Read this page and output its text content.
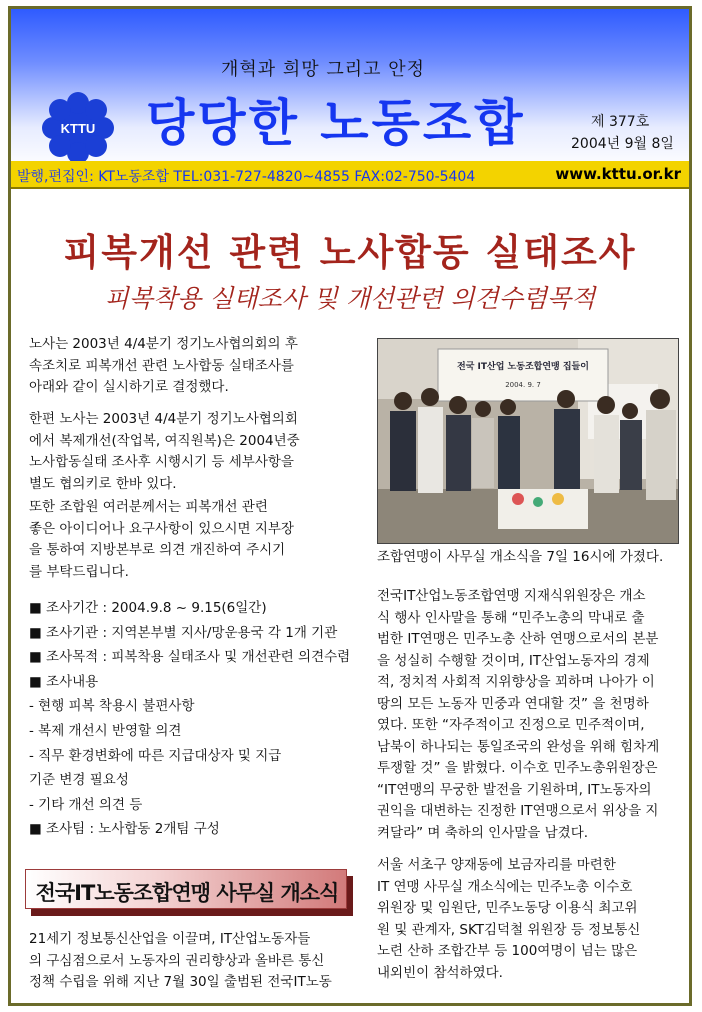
개혁과 희망 그리고 안정
KTTU 당당한 노동조합	제 377호
2004년 9월 8일
발행,편집인: KT노동조합 TEL:031-727-4820~4855 FAX:02-750-5404	www.kttu.or.kr
피복개선 관련 노사합동 실태조사
피복착용 실태조사 및 개선관련 의견수렴목적
노사는 2003년 4/4분기 정기노사협의회의 후
속조치로 피복개선 관련 노사합동 실태조사를
아래와 같이 실시하기로 결정했다.
한편 노사는 2003년 4/4분기 정기노사협의회
에서 복제개선(작업복, 여직원복)은 2004년중
노사합동실태 조사후 시행시기 등 세부사항을
별도 협의키로 한바 있다.
또한 조합원 여러분께서는 피복개선 관련
좋은 아이디어나 요구사항이 있으시면 지부장
을 통하여 지방본부로 의견 개진하여 주시기
를 부탁드립니다.
■ 조사기간 : 2004.9.8 ~ 9.15(6일간)
■ 조사기관 : 지역본부별 지사/망운용국 각 1개 기관
■ 조사목적 : 피복착용 실태조사 및 개선관련 의견수렴
■ 조사내용
- 현행 피복 착용시 불편사항
- 복제 개선시 반영할 의견
- 직무 환경변화에 따른 지급대상자 및 지급
기준 변경 필요성
- 기타 개선 의견 등
■ 조사팀 : 노사합동 2개팀 구성
전국 IT산업 노동조합연맹 집들이
2004. 9. 7
조합연맹이 사무실 개소식을 7일 16시에 가졌다.
전국IT산업노동조합연맹 지재식위원장은 개소
식 행사 인사말을 통해 “민주노총의 막내로 출
범한 IT연맹은 민주노총 산하 연맹으로서의 본분
을 성실히 수행할 것이며, IT산업노동자의 경제
적, 정치적 사회적 지위향상을 꾀하며 나아가 이
땅의 모든 노동자 민중과 연대할 것” 을 천명하
였다. 또한 “자주적이고 진정으로 민주적이며,
남북이 하나되는 통일조국의 완성을 위해 힘차게
투쟁할 것” 을 밝혔다. 이수호 민주노총위원장은
“IT연맹의 무궁한 발전을 기원하며, IT노동자의
권익을 대변하는 진정한 IT연맹으로서 위상을 지
켜달라” 며 축하의 인사말을 남겼다.
서울 서초구 양재동에 보금자리를 마련한
IT 연맹 사무실 개소식에는 민주노총 이수호
위원장 및 임원단, 민주노동당 이용식 최고위
원 및 관계자, SKT김덕철 위원장 등 정보통신
노련 산하 조합간부 등 100여명이 넘는 많은
내외빈이 참석하였다.
전국IT노동조합연맹 사무실 개소식
21세기 정보통신산업을 이끌며, IT산업노동자들
의 구심점으로서 노동자의 권리향상과 올바른 통신
정책 수립을 위해 지난 7월 30일 출범된 전국IT노동
